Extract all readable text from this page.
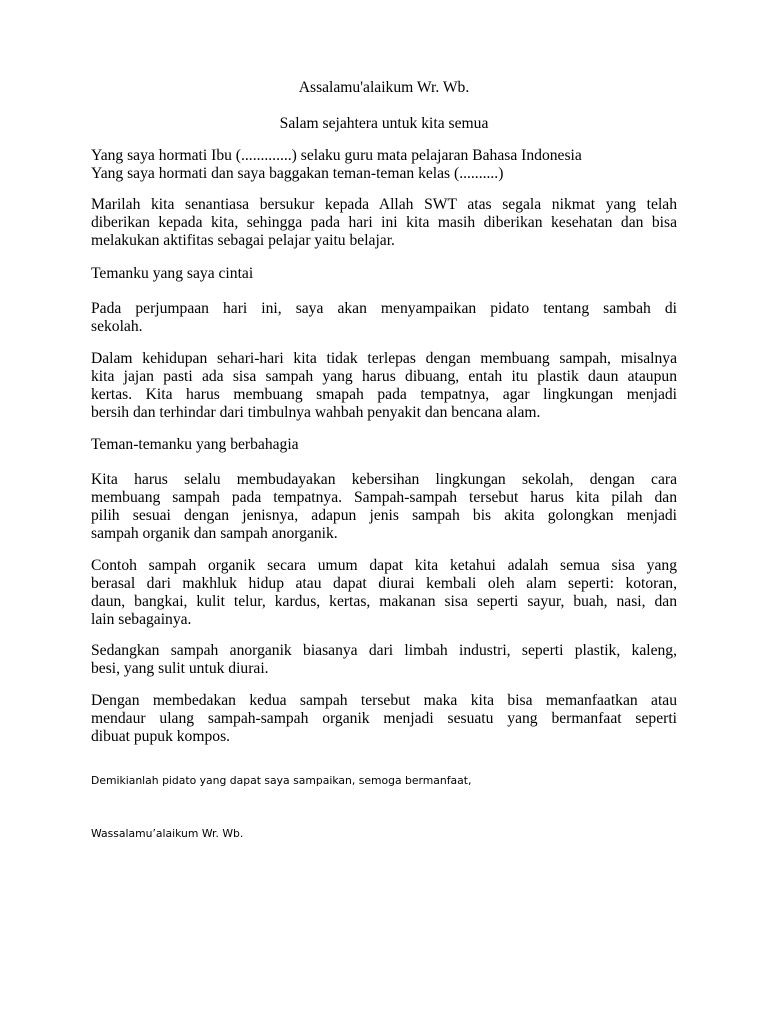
Assalamu'alaikum Wr. Wb.
Salam sejahtera untuk kita semua
Yang saya hormati Ibu (.............) selaku guru mata pelajaran Bahasa Indonesia
Yang saya hormati dan saya baggakan teman-teman kelas (..........)
Marilah kita senantiasa bersukur kepada Allah SWT atas segala nikmat yang telah
diberikan kepada kita, sehingga pada hari ini kita masih diberikan kesehatan dan bisa
melakukan aktifitas sebagai pelajar yaitu belajar.
Temanku yang saya cintai
Pada perjumpaan hari ini, saya akan menyampaikan pidato tentang sambah di
sekolah.
Dalam kehidupan sehari-hari kita tidak terlepas dengan membuang sampah, misalnya
kita jajan pasti ada sisa sampah yang harus dibuang, entah itu plastik daun ataupun
kertas. Kita harus membuang smapah pada tempatnya, agar lingkungan menjadi
bersih dan terhindar dari timbulnya wahbah penyakit dan bencana alam.
Teman-temanku yang berbahagia
Kita harus selalu membudayakan kebersihan lingkungan sekolah, dengan cara
membuang sampah pada tempatnya. Sampah-sampah tersebut harus kita pilah dan
pilih sesuai dengan jenisnya, adapun jenis sampah bis akita golongkan menjadi
sampah organik dan sampah anorganik.
Contoh sampah organik secara umum dapat kita ketahui adalah semua sisa yang
berasal dari makhluk hidup atau dapat diurai kembali oleh alam seperti: kotoran,
daun, bangkai, kulit telur, kardus, kertas, makanan sisa seperti sayur, buah, nasi, dan
lain sebagainya.
Sedangkan sampah anorganik biasanya dari limbah industri, seperti plastik, kaleng,
besi, yang sulit untuk diurai.
Dengan membedakan kedua sampah tersebut maka kita bisa memanfaatkan atau
mendaur ulang sampah-sampah organik menjadi sesuatu yang bermanfaat seperti
dibuat pupuk kompos.
Demikianlah pidato yang dapat saya sampaikan, semoga bermanfaat,
Wassalamu’alaikum Wr. Wb.
